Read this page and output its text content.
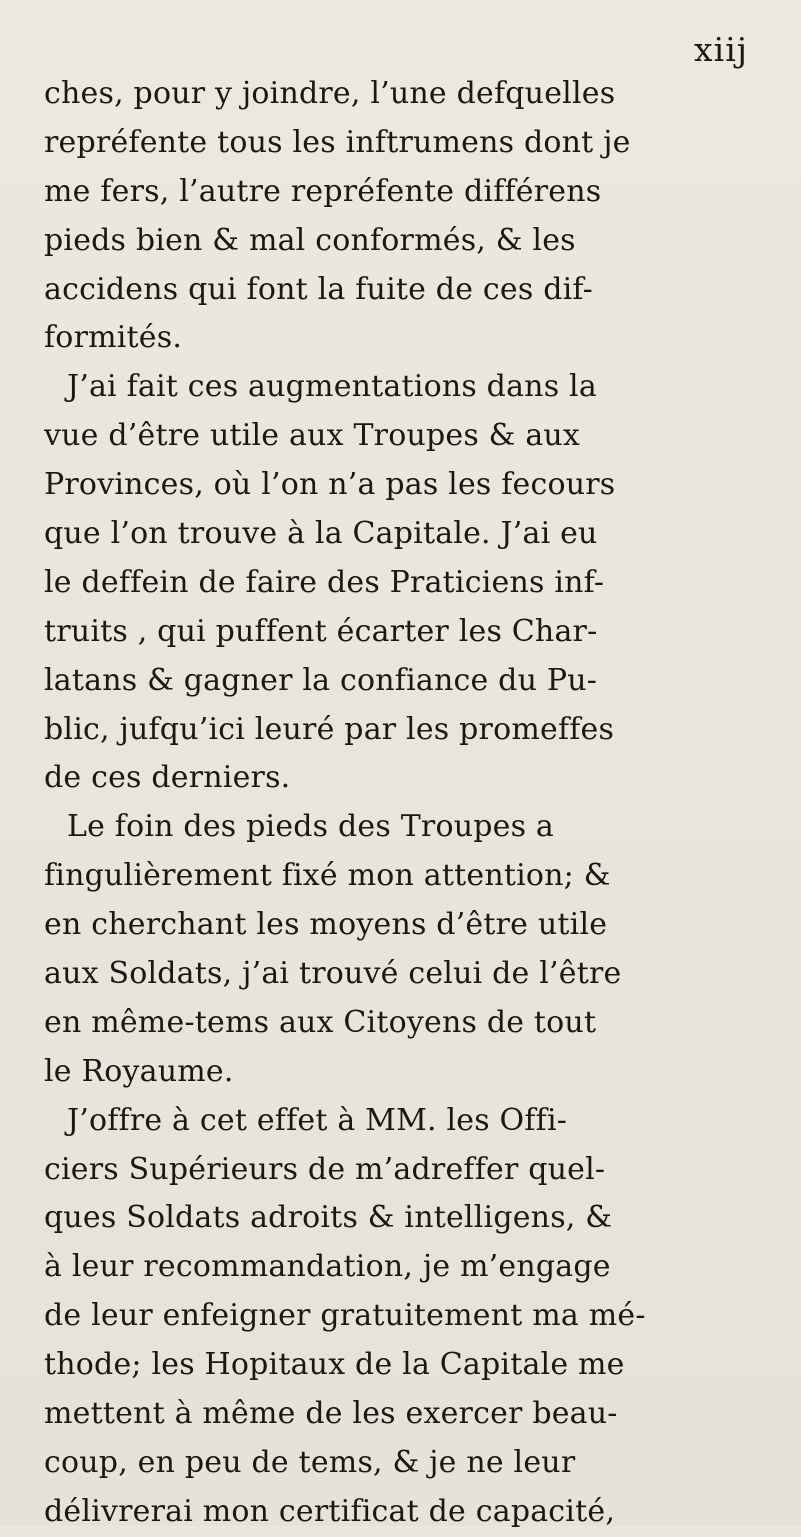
xiij
ches, pour y joindre, l’une defquelles
repréfente tous les inftrumens dont je
me fers, l’autre repréfente différens
pieds bien & mal conformés, & les
accidens qui font la fuite de ces dif-
formités.
J’ai fait ces augmentations dans la
vue d’être utile aux Troupes & aux
Provinces, où l’on n’a pas les fecours
que l’on trouve à la Capitale. J’ai eu
le deffein de faire des Praticiens inf-
truits , qui puffent écarter les Char-
latans & gagner la confiance du Pu-
blic, jufqu’ici leuré par les promeffes
de ces derniers.
Le foin des pieds des Troupes a
fingulièrement fixé mon attention; &
en cherchant les moyens d’être utile
aux Soldats, j’ai trouvé celui de l’être
en même-tems aux Citoyens de tout
le Royaume.
J’offre à cet effet à MM. les Offi-
ciers Supérieurs de m’adreffer quel-
ques Soldats adroits & intelligens, &
à leur recommandation, je m’engage
de leur enfeigner gratuitement ma mé-
thode; les Hopitaux de la Capitale me
mettent à même de les exercer beau-
coup, en peu de tems, & je ne leur
délivrerai mon certificat de capacité,
